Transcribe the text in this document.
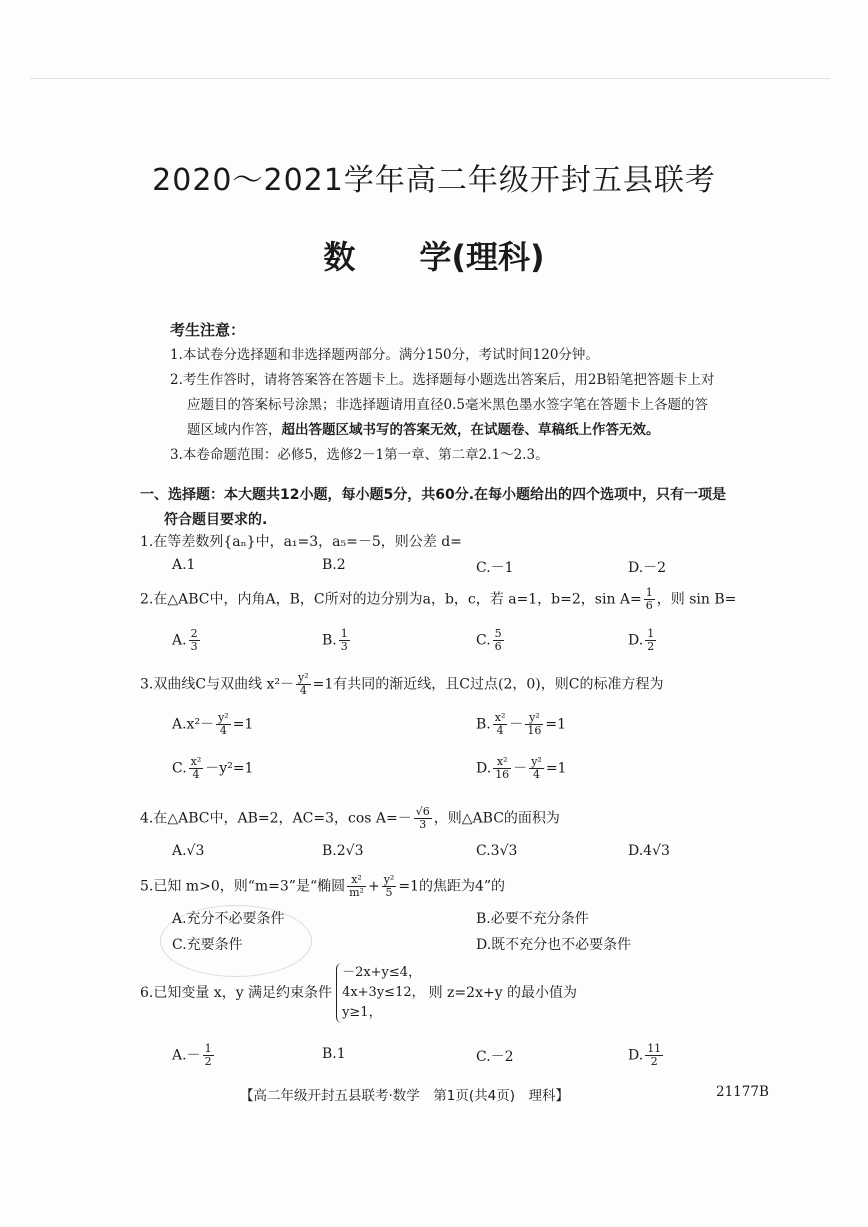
2020～2021学年高二年级开封五县联考
数　　学(理科)

考生注意：

1.本试卷分选择题和非选择题两部分。满分150分，考试时间120分钟。

2.考生作答时，请将答案答在答题卡上。选择题每小题选出答案后，用2B铅笔把答题卡上对

应题目的答案标号涂黑；非选择题请用直径0.5毫米黑色墨水签字笔在答题卡上各题的答

题区域内作答，超出答题区域书写的答案无效，在试题卷、草稿纸上作答无效。

3.本卷命题范围：必修5，选修2－1第一章、第二章2.1～2.3。

一、选择题：本大题共12小题，每小题5分，共60分.在每小题给出的四个选项中，只有一项是
符合题目要求的.
1.在等差数列{aₙ}中，a₁=3，a₅=－5，则公差 d=
A.1	B.2	C.－1	D.－2
2.在△ABC中，内角A，B，C所对的边分别为a，b，c，若 a=1，b=2，$\sin A= \frac{1}{6}$ ，则 sin B=
A. $\frac{2}{3}$	B. $\frac{1}{3}$	C. $\frac{5}{6}$	D. $\frac{1}{2}$
3.双曲线C与双曲线 $x^2- \frac{\text{y²}}{4} =1$有共同的渐近线，且C过点(2，0)，则C的标准方程为
$A.x^2- \frac{\text{y²}}{4} =1$	B. $\frac{\text{x²}}{4} - \frac{\text{y²}}{16} =1$
C. $\frac{\text{x²}}{4} -y^2=1$	D. $\frac{\text{x²}}{16} - \frac{\text{y²}}{4} =1$
4.在△ABC中，AB=2，AC=3，$\cos A=- \frac{√6}{3}$ ，则△ABC的面积为
A.√3	B.2√3	C.3√3	D.4√3
5.已知 m>0，则“m=3”是“椭圆 $\frac{\text{x²}}{\text{m²}} + \frac{\text{y²}}{5} =1$的焦距为4”的
A.充分不必要条件	B.必要不充分条件
C.充要条件	D.既不充分也不必要条件
6.已知变量 x，y 满足约束条件
－2x+y≤4，
4x+3y≤12，
y≥1，
则 z=2x+y 的最小值为
$A.- \frac{1}{2}$	B.1	C.－2	D. $\frac{11}{2}$
【高二年级开封五县联考·数学　第1页(共4页)　理科】	21177B
